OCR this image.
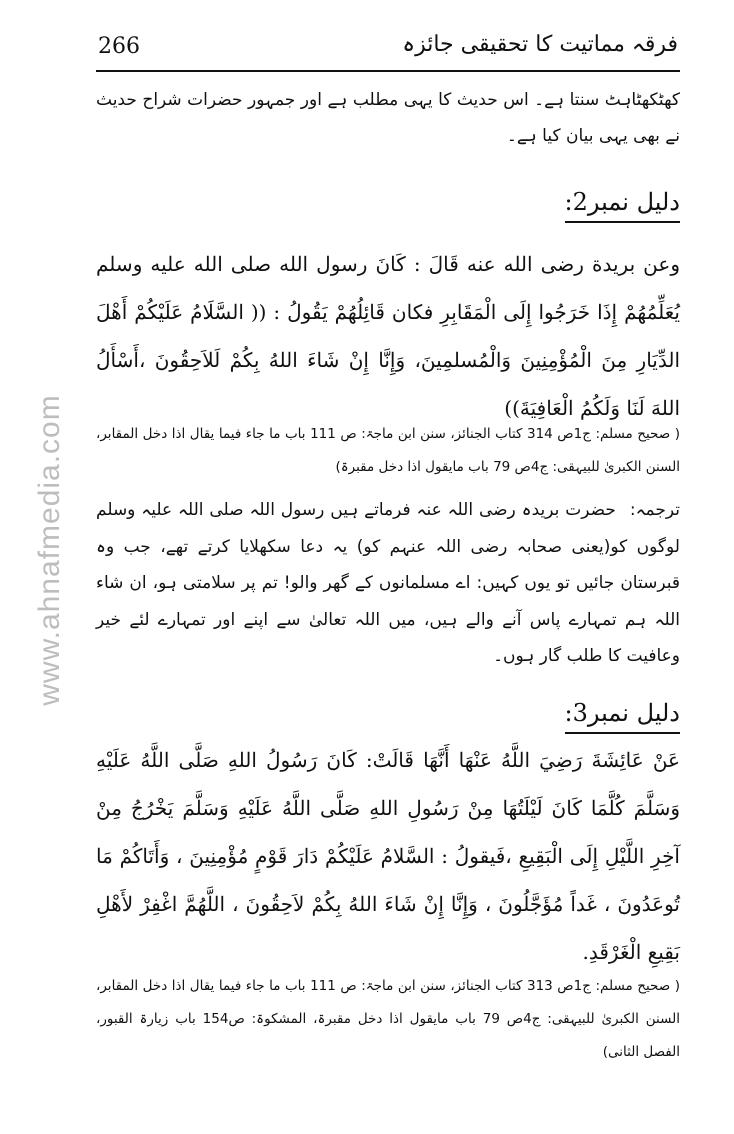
www.ahnafmedia.com
266	فرقہ مماتیت کا تحقیقی جائزہ
کھٹکھٹاہٹ سنتا ہے۔ اس حدیث کا یہی مطلب ہے اور جمہور حضرات شراح حدیث نے بھی یہی بیان کیا ہے۔
دلیل نمبر2:
وعن بريدة رضى الله عنه قَالَ : كَانَ رسول الله صلى الله عليه وسلم يُعَلِّمُهُمْ إِذَا خَرَجُوا إِلَى الْمَقَابِرِ فكان قَائِلُهُمْ يَقُولُ : (( السَّلَامُ عَلَيْكُمْ أَهْلَ الدِّيَارِ مِنَ الْمُؤْمِنِينَ وَالْمُسلمِينَ، وَإِنَّا إِنْ شَاءَ اللهُ بِكُمْ لَلاَحِقُونَ ،أَسْأَلُ اللهَ لَنَا وَلَكُمُ الْعَافِيَةَ))
( صحیح مسلم: ج1ص 314 کتاب الجنائز، سنن ابن ماجۃ: ص 111 باب ما جاء فیما یقال اذا دخل المقابر، السنن الکبریٰ للبیہقی: ج4ص 79 باب مایقول اذا دخل مقبرۃ)
ترجمہ:حضرت بریدہ رضی اللہ عنہ فرماتے ہیں رسول اللہ صلی اللہ علیہ وسلم لوگوں کو(یعنی صحابہ رضی اللہ عنہم کو) یہ دعا سکھلایا کرتے تھے، جب وہ قبرستان جائیں تو یوں کہیں: اے مسلمانوں کے گھر والو! تم پر سلامتی ہو، ان شاء اللہ ہم تمہارے پاس آنے والے ہیں، میں اللہ تعالیٰ سے اپنے اور تمہارے لئے خیر وعافیت کا طلب گار ہوں۔
دلیل نمبر3:
عَنْ عَائِشَةَ رَضِيَ اللَّهُ عَنْهَا أَنَّهَا قَالَتْ: كَانَ رَسُولُ اللهِ صَلَّى اللَّهُ عَلَيْهِ وَسَلَّمَ كُلَّمَا كَانَ لَيْلَتُهَا مِنْ رَسُولِ اللهِ صَلَّى اللَّهُ عَلَيْهِ وَسَلَّمَ يَخْرُجُ مِنْ آخِرِ اللَّيْلِ إِلَى الْبَقِيعِ ،فَيقولُ : السَّلامُ عَلَيْكُمْ دَارَ قَوْمٍ مُؤْمِنِينَ ، وَأَتَاكُمْ مَا تُوعَدُونَ ، غَداً مُؤَجَّلُونَ ، وَإِنَّا إِنْ شَاءَ اللهُ بِكُمْ لاَحِقُونَ ، اللَّهُمَّ اغْفِرْ لأَهْلِ بَقِيعِ الْغَرْقَدِ.
( صحیح مسلم: ج1ص 313 کتاب الجنائز، سنن ابن ماجۃ: ص 111 باب ما جاء فیما یقال اذا دخل المقابر، السنن الکبریٰ للبیہقی: ج4ص 79 باب مایقول اذا دخل مقبرۃ، المشکوۃ: ص154 باب زیارۃ القبور، الفصل الثانی)
